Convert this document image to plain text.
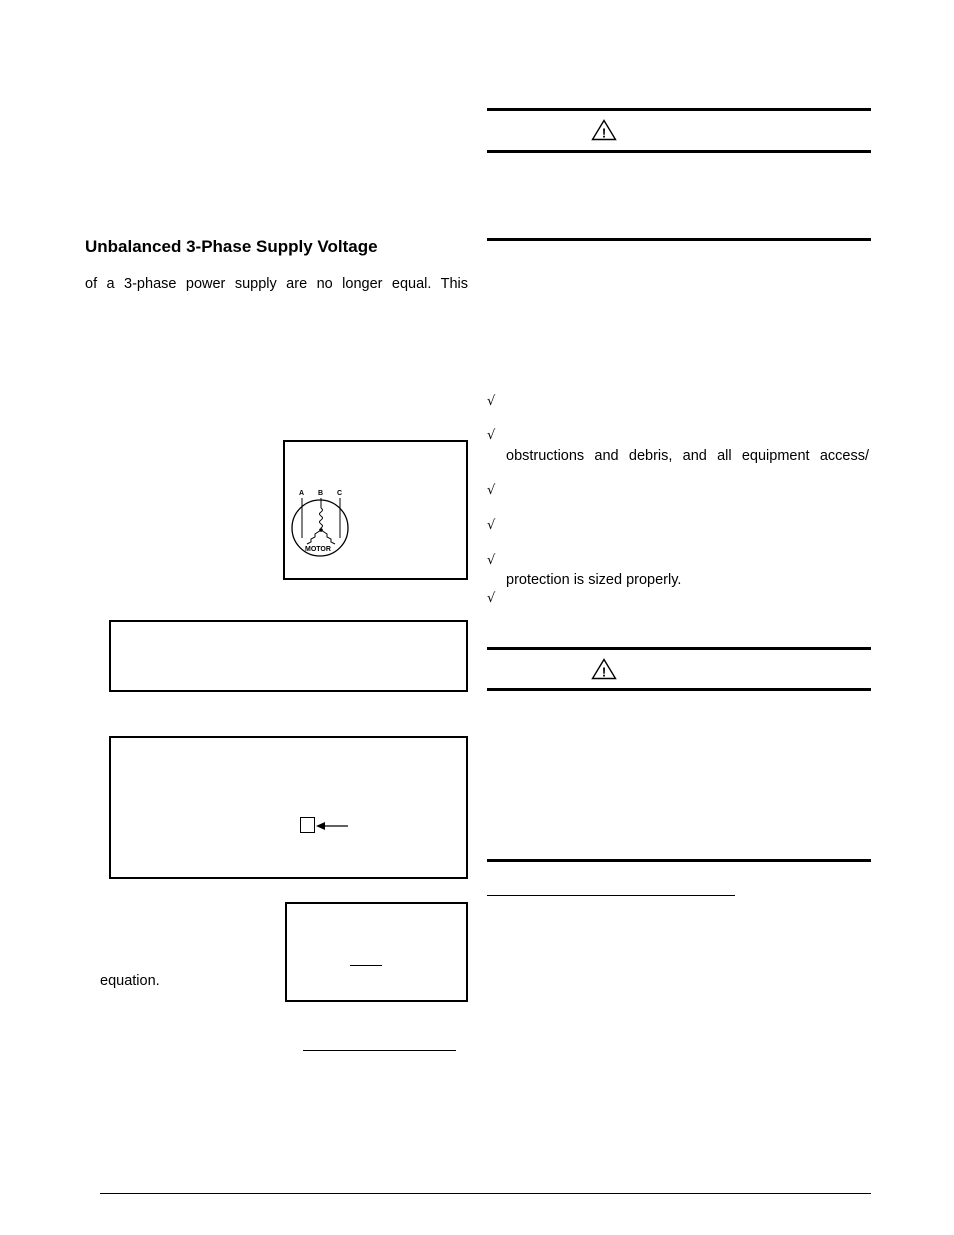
Unbalanced 3-Phase Supply Voltage
of a 3-phase power supply are no longer equal. This
A B C
MOTOR
equation.
!
√
√
obstructions and debris, and all equipment access/
√
√
√
protection is sized properly.
√
!
